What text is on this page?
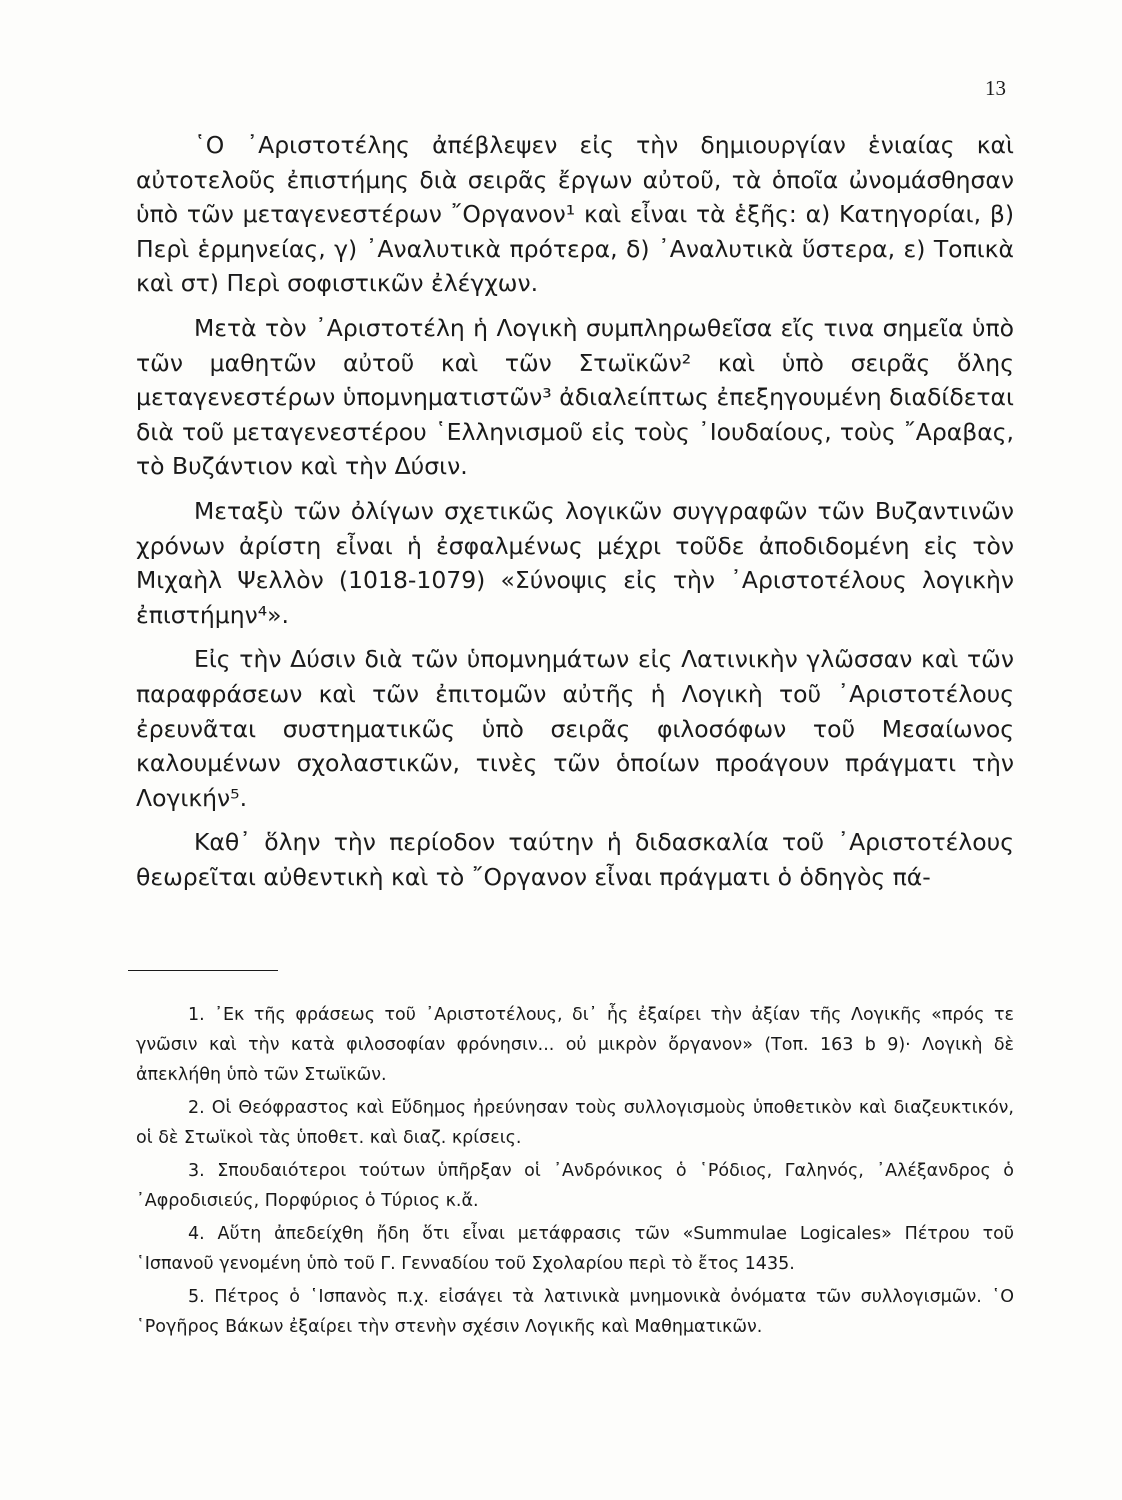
13

῾Ο ᾿Αριστοτέλης ἀπέβλεψεν εἰς τὴν δημιουργίαν ἑνιαίας καὶ αὐτοτελοῦς ἐπιστήμης διὰ σειρᾶς ἔργων αὐτοῦ, τὰ ὁποῖα ὠνομάσθησαν ὑπὸ τῶν μεταγενεστέρων ῎Οργανον¹ καὶ εἶναι τὰ ἑξῆς: α) Κατηγορίαι, β) Περὶ ἑρμηνείας, γ) ᾿Αναλυτικὰ πρότερα, δ) ᾿Αναλυτικὰ ὕστερα, ε) Τοπικὰ καὶ στ) Περὶ σοφιστικῶν ἐλέγχων.

Μετὰ τὸν ᾿Αριστοτέλη ἡ Λογικὴ συμπληρωθεῖσα εἴς τινα σημεῖα ὑπὸ τῶν μαθητῶν αὐτοῦ καὶ τῶν Στωϊκῶν² καὶ ὑπὸ σειρᾶς ὅλης μεταγενεστέρων ὑπομνηματιστῶν³ ἀδιαλείπτως ἐπεξηγουμένη διαδίδεται διὰ τοῦ μεταγενεστέρου ῾Ελληνισμοῦ εἰς τοὺς ᾿Ιουδαίους, τοὺς ῎Αραβας, τὸ Βυζάντιον καὶ τὴν Δύσιν.

Μεταξὺ τῶν ὀλίγων σχετικῶς λογικῶν συγγραφῶν τῶν Βυζαντινῶν χρόνων ἀρίστη εἶναι ἡ ἐσφαλμένως μέχρι τοῦδε ἀποδιδομένη εἰς τὸν Μιχαὴλ Ψελλὸν (1018-1079) «Σύνοψις εἰς τὴν ᾿Αριστοτέλους λογικὴν ἐπιστήμην⁴».

Εἰς τὴν Δύσιν διὰ τῶν ὑπομνημάτων εἰς Λατινικὴν γλῶσσαν καὶ τῶν παραφράσεων καὶ τῶν ἐπιτομῶν αὐτῆς ἡ Λογικὴ τοῦ ᾿Αριστοτέλους ἐρευνᾶται συστηματικῶς ὑπὸ σειρᾶς φιλοσόφων τοῦ Μεσαίωνος καλουμένων σχολαστικῶν, τινὲς τῶν ὁποίων προάγουν πράγματι τὴν Λογικήν⁵.

Καθ᾿ ὅλην τὴν περίοδον ταύτην ἡ διδασκαλία τοῦ ᾿Αριστοτέλους θεωρεῖται αὐθεντικὴ καὶ τὸ ῎Οργανον εἶναι πράγματι ὁ ὁδηγὸς πά-

1. ᾿Εκ τῆς φράσεως τοῦ ᾿Αριστοτέλους, δι᾿ ἧς ἐξαίρει τὴν ἀξίαν τῆς Λογικῆς «πρός τε γνῶσιν καὶ τὴν κατὰ φιλοσοφίαν φρόνησιν... οὐ μικρὸν ὄργανον» (Τοπ. 163 b 9)· Λογικὴ δὲ ἀπεκλήθη ὑπὸ τῶν Στωϊκῶν.

2. Οἱ Θεόφραστος καὶ Εὔδημος ἠρεύνησαν τοὺς συλλογισμοὺς ὑποθετικὸν καὶ διαζευκτικόν, οἱ δὲ Στωϊκοὶ τὰς ὑποθετ. καὶ διαζ. κρίσεις.

3. Σπουδαιότεροι τούτων ὑπῆρξαν οἱ ᾿Ανδρόνικος ὁ ῾Ρόδιος, Γαληνός, ᾿Αλέξανδρος ὁ ᾿Αφροδισιεύς, Πορφύριος ὁ Τύριος κ.ἄ.

4. Αὕτη ἀπεδείχθη ἤδη ὅτι εἶναι μετάφρασις τῶν «Summulae Logicales» Πέτρου τοῦ ῾Ισπανοῦ γενομένη ὑπὸ τοῦ Γ. Γενναδίου τοῦ Σχολαρίου περὶ τὸ ἔτος 1435.

5. Πέτρος ὁ ῾Ισπανὸς π.χ. εἰσάγει τὰ λατινικὰ μνημονικὰ ὀνόματα τῶν συλλογισμῶν. ῾Ο ῾Ρογῆρος Βάκων ἐξαίρει τὴν στενὴν σχέσιν Λογικῆς καὶ Μαθηματικῶν.
